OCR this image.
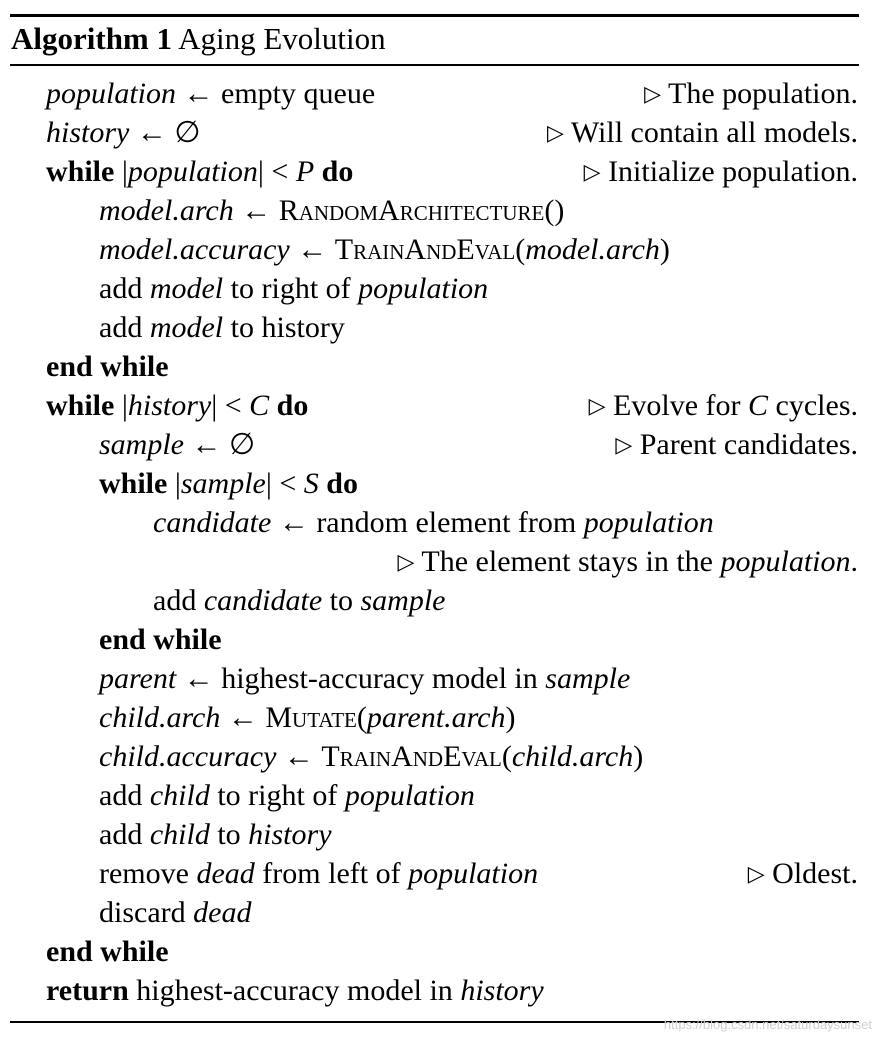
Algorithm 1 Aging Evolution
population ← empty queue	▷ The population.
history ← ∅	▷ Will contain all models.
while |population| < P do	▷ Initialize population.
model.arch ← RandomArchitecture()
model.accuracy ← TrainAndEval(model.arch)
add model to right of population
add model to history
end while
while |history| < C do	▷ Evolve for C cycles.
sample ← ∅	▷ Parent candidates.
while |sample| < S do
candidate ← random element from population
▷ The element stays in the population.
add candidate to sample
end while
parent ← highest-accuracy model in sample
child.arch ← Mutate(parent.arch)
child.accuracy ← TrainAndEval(child.arch)
add child to right of population
add child to history
remove dead from left of population	▷ Oldest.
discard dead
end while
return highest-accuracy model in history
https://blog.csdn.net/saturdaysunset
